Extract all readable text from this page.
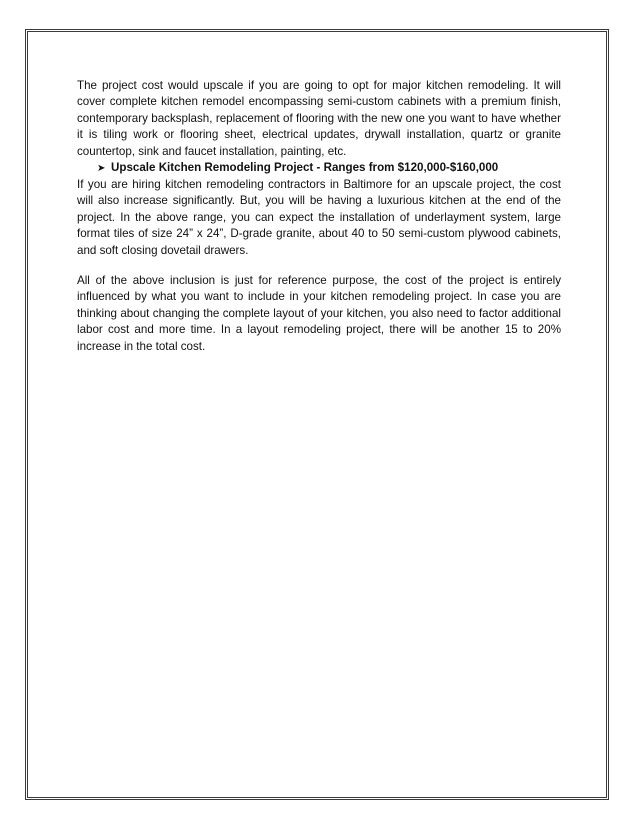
The project cost would upscale if you are going to opt for major kitchen remodeling. It will cover complete kitchen remodel encompassing semi-custom cabinets with a premium finish, contemporary backsplash, replacement of flooring with the new one you want to have whether it is tiling work or flooring sheet, electrical updates, drywall installation, quartz or granite countertop, sink and faucet installation, painting, etc.

➤ Upscale Kitchen Remodeling Project - Ranges from $120,000-$160,000

If you are hiring kitchen remodeling contractors in Baltimore for an upscale project, the cost will also increase significantly. But, you will be having a luxurious kitchen at the end of the project. In the above range, you can expect the installation of underlayment system, large format tiles of size 24” x 24”, D-grade granite, about 40 to 50 semi-custom plywood cabinets, and soft closing dovetail drawers.

All of the above inclusion is just for reference purpose, the cost of the project is entirely influenced by what you want to include in your kitchen remodeling project. In case you are thinking about changing the complete layout of your kitchen, you also need to factor additional labor cost and more time. In a layout remodeling project, there will be another 15 to 20% increase in the total cost.
